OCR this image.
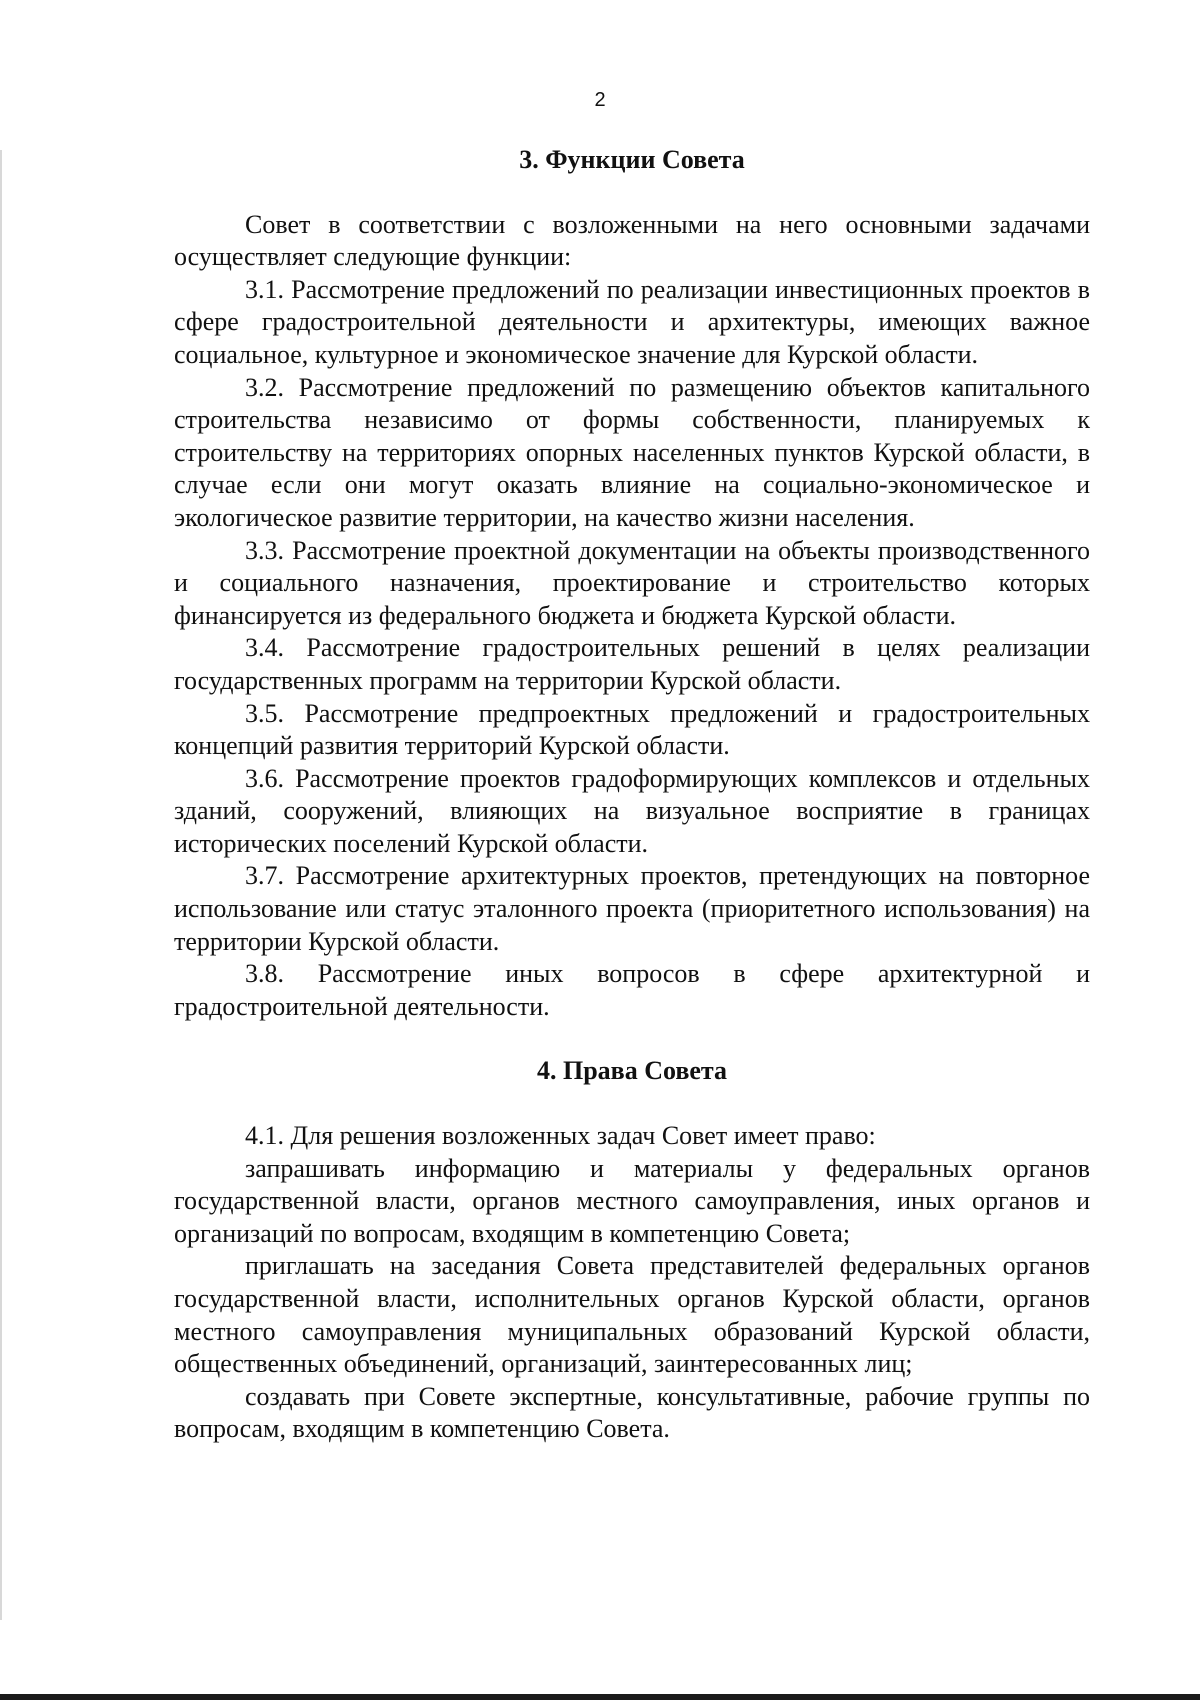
2
3. Функции Совета

Совет в соответствии с возложенными на него основными задачами осуществляет следующие функции:

3.1. Рассмотрение предложений по реализации инвестиционных проектов в сфере градостроительной деятельности и архитектуры, имеющих важное социальное, культурное и экономическое значение для Курской области.

3.2. Рассмотрение предложений по размещению объектов капитального строительства независимо от формы собственности, планируемых к строительству на территориях опорных населенных пунктов Курской области, в случае если они могут оказать влияние на социально-экономическое и экологическое развитие территории, на качество жизни населения.

3.3. Рассмотрение проектной документации на объекты производственного и социального назначения, проектирование и строительство которых финансируется из федерального бюджета и бюджета Курской области.

3.4. Рассмотрение градостроительных решений в целях реализации государственных программ на территории Курской области.

3.5. Рассмотрение предпроектных предложений и градостроительных концепций развития территорий Курской области.

3.6. Рассмотрение проектов градоформирующих комплексов и отдельных зданий, сооружений, влияющих на визуальное восприятие в границах исторических поселений Курской области.

3.7. Рассмотрение архитектурных проектов, претендующих на повторное использование или статус эталонного проекта (приоритетного использования) на территории Курской области.

3.8. Рассмотрение иных вопросов в сфере архитектурной и градостроительной деятельности.

4. Права Совета

4.1. Для решения возложенных задач Совет имеет право:

запрашивать информацию и материалы у федеральных органов государственной власти, органов местного самоуправления, иных органов и организаций по вопросам, входящим в компетенцию Совета;

приглашать на заседания Совета представителей федеральных органов государственной власти, исполнительных органов Курской области, органов местного самоуправления муниципальных образований Курской области, общественных объединений, организаций, заинтересованных лиц;

создавать при Совете экспертные, консультативные, рабочие группы по вопросам, входящим в компетенцию Совета.
